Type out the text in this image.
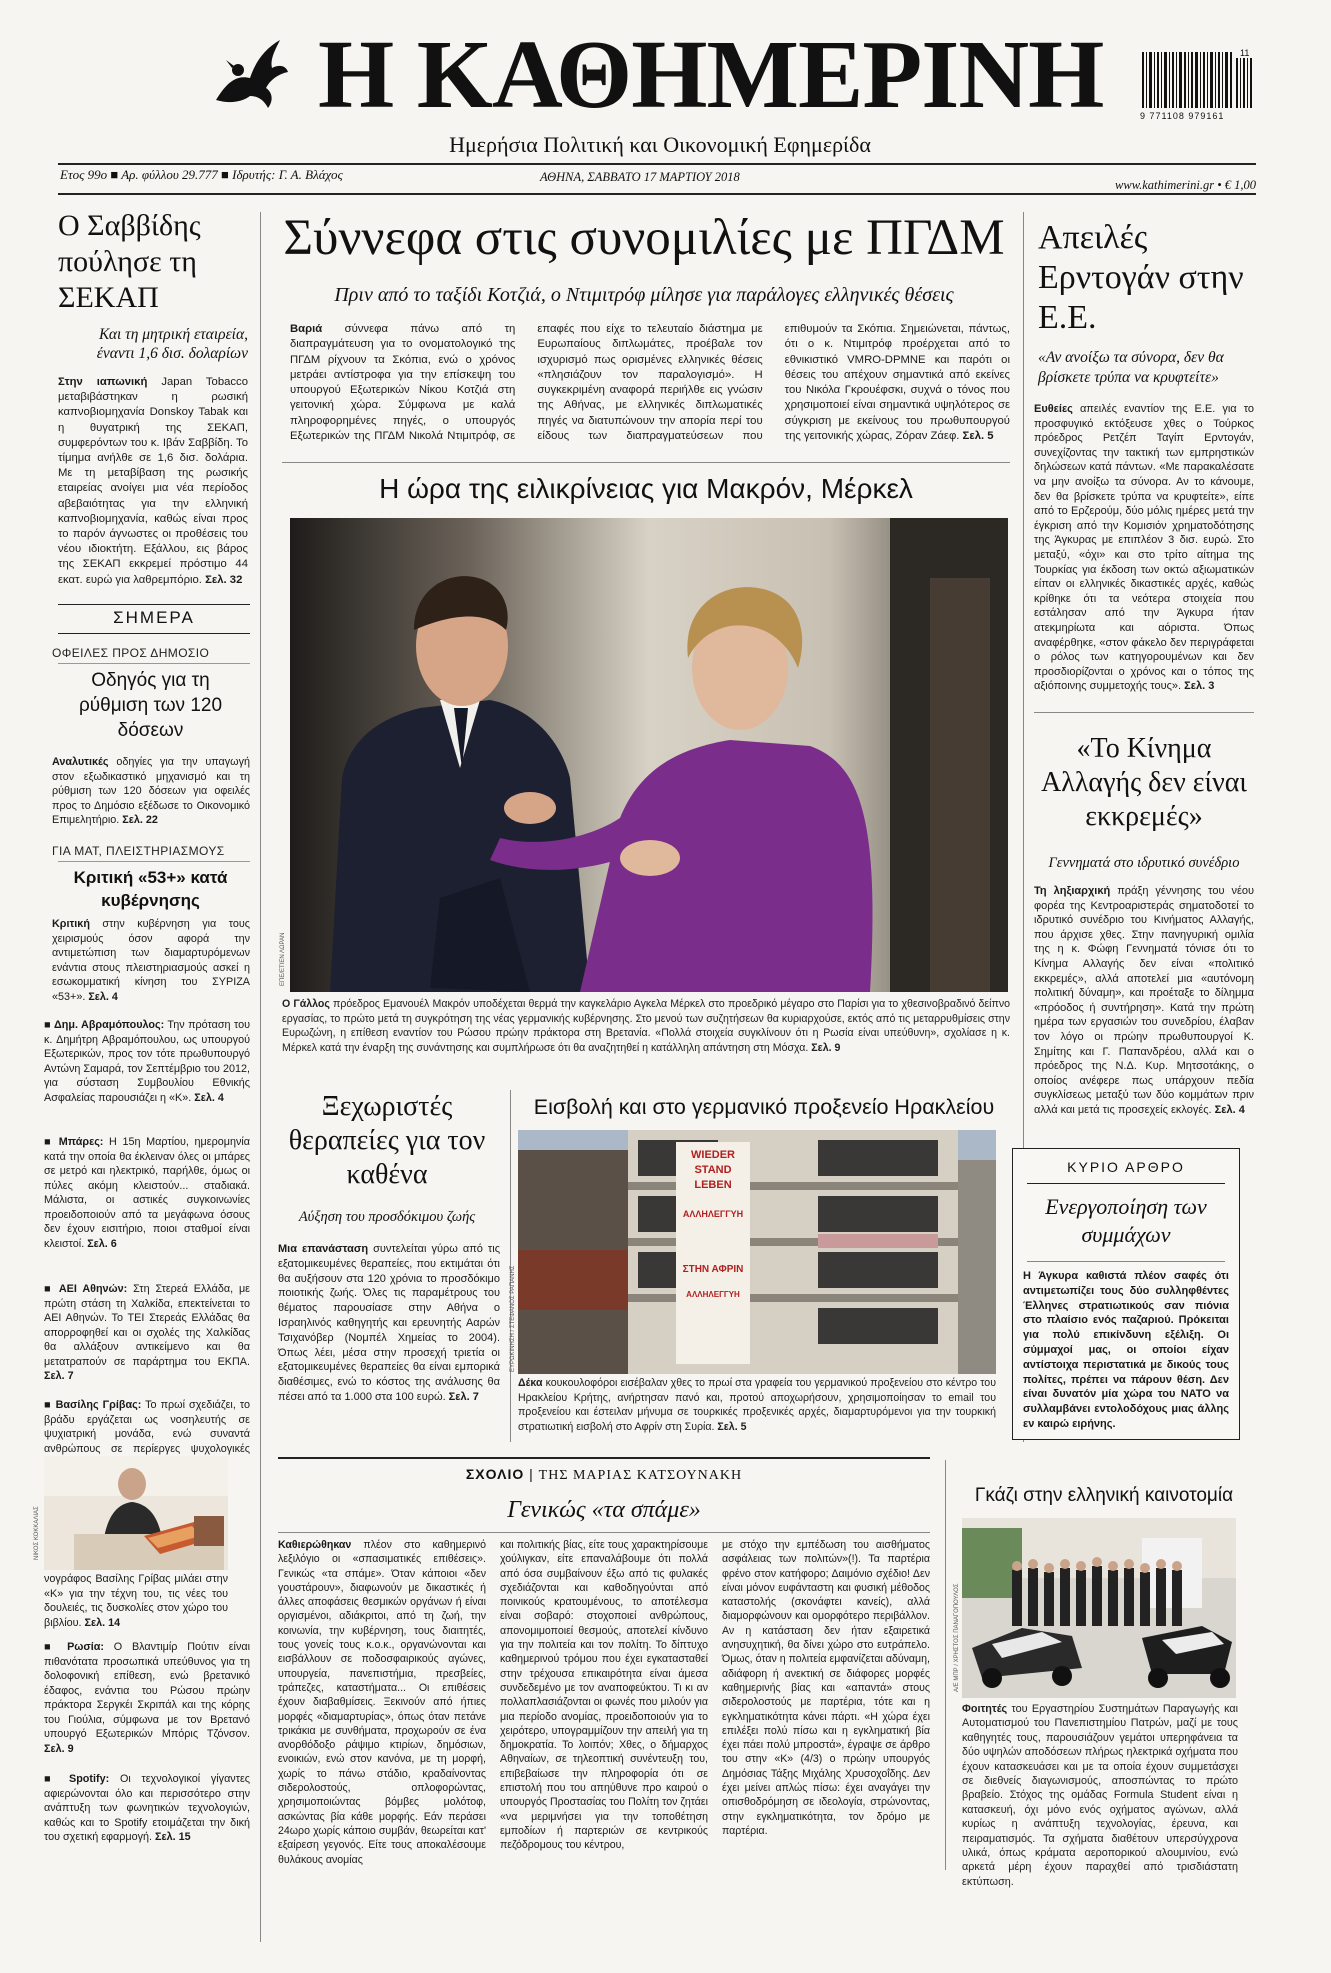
Η ΚΑΘΗΜΕΡΙΝΗ
Ημερήσια Πολιτική και Οικονομική Εφημερίδα
9 771108 979161
11
Ετος 99ο ■ Αρ. φύλλου 29.777 ■ Ιδρυτής: Γ. Α. Βλάχος	ΑΘΗΝΑ, ΣΑΒΒΑΤΟ 17 ΜΑΡΤΙΟΥ 2018
www.kathimerini.gr • € 1,00
Ο Σαββίδης πούλησε τη ΣΕΚΑΠ
Και τη μητρική εταιρεία, έναντι 1,6 δισ. δολαρίων
Στην ιαπωνική Japan Tobacco μεταβιβάστηκαν η ρωσική καπνοβιομηχανία Donskoy Tabak και η θυγατρική της ΣΕΚΑΠ, συμφερόντων του κ. Ιβάν Σαββίδη. Το τίμημα ανήλθε σε 1,6 δισ. δολάρια. Με τη μεταβίβαση της ρωσικής εταιρείας ανοίγει μια νέα περίοδος αβεβαιότητας για την ελληνική καπνοβιομηχανία, καθώς είναι προς το παρόν άγνωστες οι προθέσεις του νέου ιδιοκτήτη. Εξάλλου, εις βάρος της ΣΕΚΑΠ εκκρεμεί πρόστιμο 44 εκατ. ευρώ για λαθρεμπόριο. Σελ. 32
ΣΗΜΕΡΑ
ΟΦΕΙΛΕΣ ΠΡΟΣ ΔΗΜΟΣΙΟ
Οδηγός για τη ρύθμιση των 120 δόσεων
Αναλυτικές οδηγίες για την υπαγωγή στον εξωδικαστικό μηχανισμό και τη ρύθμιση των 120 δόσεων για οφειλές προς το Δημόσιο εξέδωσε το Οικονομικό Επιμελητήριο. Σελ. 22
ΓΙΑ ΜΑΤ, ΠΛΕΙΣΤΗΡΙΑΣΜΟΥΣ
Κριτική «53+» κατά κυβέρνησης
Κριτική στην κυβέρνηση για τους χειρισμούς όσον αφορά την αντιμετώπιση των διαμαρτυρόμενων ενάντια στους πλειστηριασμούς ασκεί η εσωκομματική κίνηση του ΣΥΡΙΖΑ «53+». Σελ. 4
■ Δημ. Αβραμόπουλος: Την πρόταση του κ. Δημήτρη Αβραμόπουλου, ως υπουργού Εξωτερικών, προς τον τότε πρωθυπουργό Αντώνη Σαμαρά, τον Σεπτέμβριο του 2012, για σύσταση Συμβουλίου Εθνικής Ασφαλείας παρουσιάζει η «Κ». Σελ. 4
■ Μπάρες: Η 15η Μαρτίου, ημερομηνία κατά την οποία θα έκλειναν όλες οι μπάρες σε μετρό και ηλεκτρικό, παρήλθε, όμως οι πύλες ακόμη κλειστούν... σταδιακά. Μάλιστα, οι αστικές συγκοινωνίες προειδοποιούν από τα μεγάφωνα όσους δεν έχουν εισιτήριο, ποιοι σταθμοί είναι κλειστοί. Σελ. 6
■ ΑΕΙ Αθηνών: Στη Στερεά Ελλάδα, με πρώτη στάση τη Χαλκίδα, επεκτείνεται το ΑΕΙ Αθηνών. Το ΤΕΙ Στερεάς Ελλάδας θα απορροφηθεί και οι σχολές της Χαλκίδας θα αλλάξουν αντικείμενο και θα μετατραπούν σε παράρτημα του ΕΚΠΑ. Σελ. 7
■ Βασίλης Γρίβας: Το πρωί σχεδιάζει, το βράδυ εργάζεται ως νοσηλευτής σε ψυχιατρική μονάδα, ενώ συναντά ανθρώπους σε περίεργες ψυχολογικές
ΝΙΚΟΣ ΚΟΚΚΑΛΙΑΣ
νογράφος Βασίλης Γρίβας μιλάει στην «Κ» για την τέχνη του, τις νέες του δουλειές, τις δυσκολίες στον χώρο του βιβλίου. Σελ. 14
■ Ρωσία: Ο Βλαντιμίρ Πούτιν είναι πιθανότατα προσωπικά υπεύθυνος για τη δολοφονική επίθεση, ενώ βρετανικό έδαφος, ενάντια του Ρώσου πρώην πράκτορα Σεργκέι Σκριπάλ και της κόρης του Γιούλια, σύμφωνα με τον Βρετανό υπουργό Εξωτερικών Μπόρις Τζόνσον. Σελ. 9
■ Spotify: Οι τεχνολογικοί γίγαντες αφιερώνονται όλο και περισσότερο στην ανάπτυξη των φωνητικών τεχνολογιών, καθώς και το Spotify ετοιμάζεται την δική του σχετική εφαρμογή. Σελ. 15
Σύννεφα στις συνομιλίες με ΠΓΔΜ
Πριν από το ταξίδι Κοτζιά, ο Ντιμιτρόφ μίλησε για παράλογες ελληνικές θέσεις
Βαριά σύννεφα πάνω από τη διαπραγμάτευση για το ονοματολογικό της ΠΓΔΜ ρίχνουν τα Σκόπια, ενώ ο χρόνος μετράει αντίστροφα για την επίσκεψη του υπουργού Εξωτερικών Νίκου Κοτζιά στη γειτονική χώρα. Σύμφωνα με καλά πληροφορημένες πηγές, ο υπουργός Εξωτερικών της ΠΓΔΜ Νικολά Ντιμιτρόφ, σε επαφές που είχε το τελευταίο διάστημα με Ευρωπαίους διπλωμάτες, προέβαλε τον ισχυρισμό πως ορισμένες ελληνικές θέσεις «πλησιάζουν τον παραλογισμό». Η συγκεκριμένη αναφορά περιήλθε εις γνώσιν της Αθήνας, με ελληνικές διπλωματικές πηγές να διατυπώνουν την απορία περί του είδους των διαπραγματεύσεων που επιθυμούν τα Σκόπια. Σημειώνεται, πάντως, ότι ο κ. Ντιμιτρόφ προέρχεται από το εθνικιστικό VMRO-DPMNE και παρότι οι θέσεις του απέχουν σημαντικά από εκείνες του Νικόλα Γκρουέφσκι, συχνά ο τόνος που χρησιμοποιεί είναι σημαντικά υψηλότερος σε σύγκριση με εκείνους του πρωθυπουργού της γειτονικής χώρας, Ζόραν Ζάεφ. Σελ. 5
Η ώρα της ειλικρίνειας για Μακρόν, Μέρκελ
ΕΠΕ/ΕΤΙΕΝ ΛΩΡΑΝ
Ο Γάλλος πρόεδρος Εμανουέλ Μακρόν υποδέχεται θερμά την καγκελάριο Αγκελα Μέρκελ στο προεδρικό μέγαρο στο Παρίσι για το χθεσινοβραδινό δείπνο εργασίας, το πρώτο μετά τη συγκρότηση της νέας γερμανικής κυβέρνησης. Στο μενού των συζητήσεων θα κυριαρχούσε, εκτός από τις μεταρρυθμίσεις στην Ευρωζώνη, η επίθεση εναντίον του Ρώσου πρώην πράκτορα στη Βρετανία. «Πολλά στοιχεία συγκλίνουν ότι η Ρωσία είναι υπεύθυνη», σχολίασε η κ. Μέρκελ κατά την έναρξη της συνάντησης και συμπλήρωσε ότι θα αναζητηθεί η κατάλληλη απάντηση στη Μόσχα. Σελ. 9
Απειλές Ερντογάν στην Ε.Ε.
«Αν ανοίξω τα σύνορα, δεν θα βρίσκετε τρύπα να κρυφτείτε»
Ευθείες απειλές εναντίον της Ε.Ε. για το προσφυγικό εκτόξευσε χθες ο Τούρκος πρόεδρος Ρετζέπ Ταγίπ Ερντογάν, συνεχίζοντας την τακτική των εμπρηστικών δηλώσεων κατά πάντων. «Με παρακαλέσατε να μην ανοίξω τα σύνορα. Αν το κάνουμε, δεν θα βρίσκετε τρύπα να κρυφτείτε», είπε από το Ερζερούμ, δύο μόλις ημέρες μετά την έγκριση από την Κομισιόν χρηματοδότησης της Άγκυρας με επιπλέον 3 δισ. ευρώ. Στο μεταξύ, «όχι» και στο τρίτο αίτημα της Τουρκίας για έκδοση των οκτώ αξιωματικών είπαν οι ελληνικές δικαστικές αρχές, καθώς κρίθηκε ότι τα νεότερα στοιχεία που εστάλησαν από την Άγκυρα ήταν ατεκμηρίωτα και αόριστα. Όπως αναφέρθηκε, «στον φάκελο δεν περιγράφεται ο ρόλος των κατηγορουμένων και δεν προσδιορίζονται ο χρόνος και ο τόπος της αξιόποινης συμμετοχής τους». Σελ. 3
«Το Κίνημα Αλλαγής δεν είναι εκκρεμές»
Γεννηματά στο ιδρυτικό συνέδριο
Τη ληξιαρχική πράξη γέννησης του νέου φορέα της Κεντροαριστεράς σηματοδοτεί το ιδρυτικό συνέδριο του Κινήματος Αλλαγής, που άρχισε χθες. Στην πανηγυρική ομιλία της η κ. Φώφη Γεννηματά τόνισε ότι το Κίνημα Αλλαγής δεν είναι «πολιτικό εκκρεμές», αλλά αποτελεί μια «αυτόνομη πολιτική δύναμη», και προέταξε το δίλημμα «πρόοδος ή συντήρηση». Κατά την πρώτη ημέρα των εργασιών του συνεδρίου, έλαβαν τον λόγο οι πρώην πρωθυπουργοί Κ. Σημίτης και Γ. Παπανδρέου, αλλά και ο πρόεδρος της Ν.Δ. Κυρ. Μητσοτάκης, ο οποίος ανέφερε πως υπάρχουν πεδία συγκλίσεως μεταξύ των δύο κομμάτων πριν αλλά και μετά τις προσεχείς εκλογές. Σελ. 4
ΚΥΡΙΟ ΑΡΘΡΟ
Ενεργοποίηση των συμμάχων
Η Άγκυρα καθιστά πλέον σαφές ότι αντιμετωπίζει τους δύο συλληφθέντες Έλληνες στρατιωτικούς σαν πιόνια στο πλαίσιο ενός παζαριού. Πρόκειται για πολύ επικίνδυνη εξέλιξη. Οι σύμμαχοί μας, οι οποίοι είχαν αντίστοιχα περιστατικά με δικούς τους πολίτες, πρέπει να πάρουν θέση. Δεν είναι δυνατόν μία χώρα του ΝΑΤΟ να συλλαμβάνει εντολοδόχους μιας άλλης εν καιρώ ειρήνης.
Ξεχωριστές θεραπείες για τον καθένα
Αύξηση του προσδόκιμου ζωής
Μια επανάσταση συντελείται γύρω από τις εξατομικευμένες θεραπείες, που εκτιμάται ότι θα αυξήσουν στα 120 χρόνια το προσδόκιμο ποιοτικής ζωής. Όλες τις παραμέτρους του θέματος παρουσίασε στην Αθήνα ο Ισραηλινός καθηγητής και ερευνητής Ααρών Τσιχανόβερ (Νομπέλ Χημείας το 2004). Όπως λέει, μέσα στην προσεχή τριετία οι εξατομικευμένες θεραπείες θα είναι εμπορικά διαθέσιμες, ενώ το κόστος της ανάλυσης θα πέσει από τα 1.000 στα 100 ευρώ. Σελ. 7
Εισβολή και στο γερμανικό προξενείο Ηρακλείου
WIEDER
STAND
LEBEN
ΑΛΛΗΛΕΓΓΥΗ
ΣΤΗΝ ΑΦΡΙΝ
ΑΛΛΗΛΕΓΓΥΗ
ΕΥΡΩΚΙΝΗΣΗ / ΣΤΕΦΑΝΟΣ ΡΑΠΑΝΗΣ
Δέκα κουκουλοφόροι εισέβαλαν χθες το πρωί στα γραφεία του γερμανικού προξενείου στο κέντρο του Ηρακλείου Κρήτης, ανήρτησαν πανό και, προτού αποχωρήσουν, χρησιμοποίησαν το email του προξενείου και έστειλαν μήνυμα σε τουρκικές προξενικές αρχές, διαμαρτυρόμενοι για την τουρκική στρατιωτική εισβολή στο Αφρίν στη Συρία. Σελ. 5
ΣΧΟΛΙΟ | ΤΗΣ ΜΑΡΙΑΣ ΚΑΤΣΟΥΝΑΚΗ
Γενικώς «τα σπάμε»
Καθιερώθηκαν πλέον στο καθημερινό λεξιλόγιο οι «σπασιματικές επιθέσεις». Γενικώς «τα σπάμε». Όταν κάποιοι «δεν γουστάρουν», διαφωνούν με δικαστικές ή άλλες αποφάσεις θεσμικών οργάνων ή είναι οργισμένοι, αδιάκριτοι, από τη ζωή, την κοινωνία, την κυβέρνηση, τους διαιτητές, τους γονείς τους κ.ο.κ., οργανώνονται και εισβάλλουν σε ποδοσφαιρικούς αγώνες, υπουργεία, πανεπιστήμια, πρεσβείες, τράπεζες, καταστήματα... Οι επιθέσεις έχουν διαβαθμίσεις. Ξεκινούν από ήπιες μορφές «διαμαρτυρίας», όπως όταν πετάνε τρικάκια με συνθήματα, προχωρούν σε ένα ανορθόδοξο ράψιμο κτιρίων, δημόσιων, ενοικιών, ενώ στον κανόνα, με τη μορφή, χωρίς το πάνω στάδιο, κραδαίνοντας σιδερολοστούς, οπλοφορώντας, χρησιμοποιώντας βόμβες μολότοφ, ασκώντας βία κάθε μορφής. Εάν περάσει 24ωρο χωρίς κάποιο συμβάν, θεωρείται κατ' εξαίρεση γεγονός. Είτε τους αποκαλέσουμε θυλάκους ανομίας
και πολιτικής βίας, είτε τους χαρακτηρίσουμε χούλιγκαν, είτε επαναλάβουμε ότι πολλά από όσα συμβαίνουν έξω από τις φυλακές σχεδιάζονται και καθοδηγούνται από ποινικούς κρατουμένους, το αποτέλεσμα είναι σοβαρό: στοχοποιεί ανθρώπους, απονομιμοποιεί θεσμούς, αποτελεί κίνδυνο για την πολιτεία και τον πολίτη. Το δίπτυχο καθημερινού τρόμου που έχει εγκατασταθεί στην τρέχουσα επικαιρότητα είναι άμεσα συνδεδεμένο με τον αναποφεύκτου. Τι κι αν πολλαπλασιάζονται οι φωνές που μιλούν για μια περίοδο ανομίας, προειδοποιούν για το χειρότερο, υπογραμμίζουν την απειλή για τη δημοκρατία. Το λοιπόν; Χθες, ο δήμαρχος Αθηναίων, σε τηλεοπτική συνέντευξη του, επιβεβαίωσε την πληροφορία ότι σε επιστολή που του απηύθυνε προ καιρού ο υπουργός Προστασίας του Πολίτη τον ζητάει «να μεριμνήσει για την τοποθέτηση εμποδίων ή παρτεριών σε κεντρικούς πεζόδρομους του κέντρου,
με στόχο την εμπέδωση του αισθήματος ασφάλειας των πολιτών»(!). Τα παρτέρια φρένο στον κατήφορο; Δαιμόνιο σχέδιο! Δεν είναι μόνον ευφάνταστη και φυσική μέθοδος καταστολής (σκονάφτει κανείς), αλλά διαμορφώνουν και ομορφότερο περιβάλλον. Αν η κατάσταση δεν ήταν εξαιρετικά ανησυχητική, θα δίνει χώρο στο ευτράπελο. Όμως, όταν η πολιτεία εμφανίζεται αδύναμη, αδιάφορη ή ανεκτική σε διάφορες μορφές καθημερινής βίας και «απαντά» στους σιδερολοστούς με παρτέρια, τότε και η εγκληματικότητα κάνει πάρτι. «Η χώρα έχει επιλέξει πολύ πίσω και η εγκληματική βία έχει πάει πολύ μπροστά», έγραψε σε άρθρο του στην «Κ» (4/3) ο πρώην υπουργός Δημόσιας Τάξης Μιχάλης Χρυσοχοΐδης. Δεν έχει μείνει απλώς πίσω: έχει αναγάγει την οπισθοδρόμηση σε ιδεολογία, στρώνοντας, στην εγκληματικότητα, τον δρόμο με παρτέρια.
Γκάζι στην ελληνική καινοτομία
Α/Ε ΜΠΡ / ΧΡΗΣΤΟΣ ΠΑΝΑΓΟΠΟΥΛΟΣ
Φοιτητές του Εργαστηρίου Συστημάτων Παραγωγής και Αυτοματισμού του Πανεπιστημίου Πατρών, μαζί με τους καθηγητές τους, παρουσιάζουν γεμάτοι υπερηφάνεια τα δύο υψηλών αποδόσεων πλήρως ηλεκτρικά οχήματα που έχουν κατασκευάσει και με τα οποία έχουν συμμετάσχει σε διεθνείς διαγωνισμούς, αποσπώντας το πρώτο βραβείο. Στόχος της ομάδας Formula Student είναι η κατασκευή, όχι μόνο ενός οχήματος αγώνων, αλλά κυρίως η ανάπτυξη τεχνολογίας, έρευνα, και πειραματισμός. Τα σχήματα διαθέτουν υπερσύγχρονα υλικά, όπως κράματα αεροπορικού αλουμινίου, ενώ αρκετά μέρη έχουν παραχθεί από τρισδιάστατη εκτύπωση.
